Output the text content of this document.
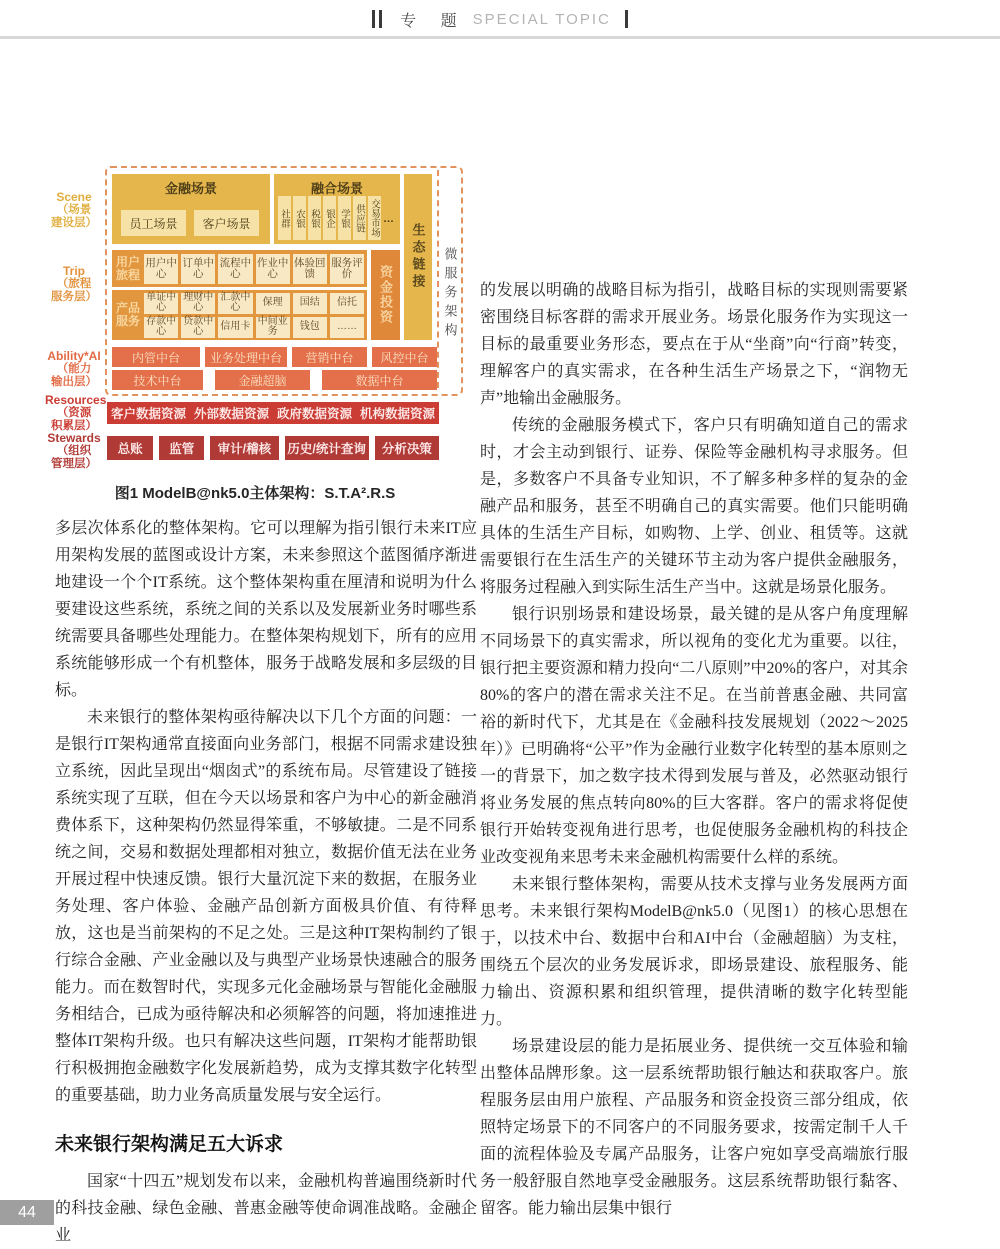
专 题 SPECIAL TOPIC
Scene
（场景
建设层）
Trip
（旅程
服务层）
Ability*AI
（能力
输出层）
Resources
（资源
积累层）
Stewards
（组织
管理层）
金融场景
员工场景	客户场景
融合场景
社群 农银 税银 银企 学银 供应链 交易市场 …
生态链接	微服务架构
用户旅程
用户中心
订单中心
流程中心
作业中心
体验回馈
服务评价
产品服务
单证中心
理财中心
汇款中心	保理	国结	信托
存款中心
贷款中心	信用卡 中间业务	钱包	……
资金投资
内管中台	业务处理中台	营销中台	风控中台
技术中台	金融超脑	数据中台
客户数据资源 外部数据资源 政府数据资源 机构数据资源
总账	监管	审计/稽核	历史/统计查询	分析决策
图1 ModelB@nk5.0主体架构：S.T.A².R.S

多层次体系化的整体架构。它可以理解为指引银行未来IT应用架构发展的蓝图或设计方案，未来参照这个蓝图循序渐进地建设一个个IT系统。这个整体架构重在厘清和说明为什么要建设这些系统，系统之间的关系以及发展新业务时哪些系统需要具备哪些处理能力。在整体架构规划下，所有的应用系统能够形成一个有机整体，服务于战略发展和多层级的目标。

未来银行的整体架构亟待解决以下几个方面的问题：一是银行IT架构通常直接面向业务部门，根据不同需求建设独立系统，因此呈现出“烟囱式”的系统布局。尽管建设了链接系统实现了互联，但在今天以场景和客户为中心的新金融消费体系下，这种架构仍然显得笨重，不够敏捷。二是不同系统之间，交易和数据处理都相对独立，数据价值无法在业务开展过程中快速反馈。银行大量沉淀下来的数据，在服务业务处理、客户体验、金融产品创新方面极具价值、有待释放，这也是当前架构的不足之处。三是这种IT架构制约了银行综合金融、产业金融以及与典型产业场景快速融合的服务能力。而在数智时代，实现多元化金融场景与智能化金融服务相结合，已成为亟待解决和必须解答的问题，将加速推进整体IT架构升级。也只有解决这些问题，IT架构才能帮助银行积极拥抱金融数字化发展新趋势，成为支撑其数字化转型的重要基础，助力业务高质量发展与安全运行。

未来银行架构满足五大诉求

国家“十四五”规划发布以来，金融机构普遍围绕新时代的科技金融、绿色金融、普惠金融等使命调准战略。金融企业

的发展以明确的战略目标为指引，战略目标的实现则需要紧密围绕目标客群的需求开展业务。场景化服务作为实现这一目标的最重要业务形态，要点在于从“坐商”向“行商”转变，理解客户的真实需求，在各种生活生产场景之下，“润物无声”地输出金融服务。

传统的金融服务模式下，客户只有明确知道自己的需求时，才会主动到银行、证券、保险等金融机构寻求服务。但是，多数客户不具备专业知识，不了解多种多样的复杂的金融产品和服务，甚至不明确自己的真实需要。他们只能明确具体的生活生产目标，如购物、上学、创业、租赁等。这就需要银行在生活生产的关键环节主动为客户提供金融服务，将服务过程融入到实际生活生产当中。这就是场景化服务。

银行识别场景和建设场景，最关键的是从客户角度理解不同场景下的真实需求，所以视角的变化尤为重要。以往，银行把主要资源和精力投向“二八原则”中20%的客户，对其余80%的客户的潜在需求关注不足。在当前普惠金融、共同富裕的新时代下，尤其是在《金融科技发展规划（2022～2025年）》已明确将“公平”作为金融行业数字化转型的基本原则之一的背景下，加之数字技术得到发展与普及，必然驱动银行将业务发展的焦点转向80%的巨大客群。客户的需求将促使银行开始转变视角进行思考，也促使服务金融机构的科技企业改变视角来思考未来金融机构需要什么样的系统。

未来银行整体架构，需要从技术支撑与业务发展两方面思考。未来银行架构ModelB@nk5.0（见图1）的核心思想在于，以技术中台、数据中台和AI中台（金融超脑）为支柱，围绕五个层次的业务发展诉求，即场景建设、旅程服务、能力输出、资源积累和组织管理，提供清晰的数字化转型能力。

场景建设层的能力是拓展业务、提供统一交互体验和输出整体品牌形象。这一层系统帮助银行触达和获取客户。旅程服务层由用户旅程、产品服务和资金投资三部分组成，依照特定场景下的不同客户的不同服务要求，按需定制千人千面的流程体验及专属产品服务，让客户宛如享受高端旅行服务一般舒服自然地享受金融服务。这层系统帮助银行黏客、留客。能力输出层集中银行

44
